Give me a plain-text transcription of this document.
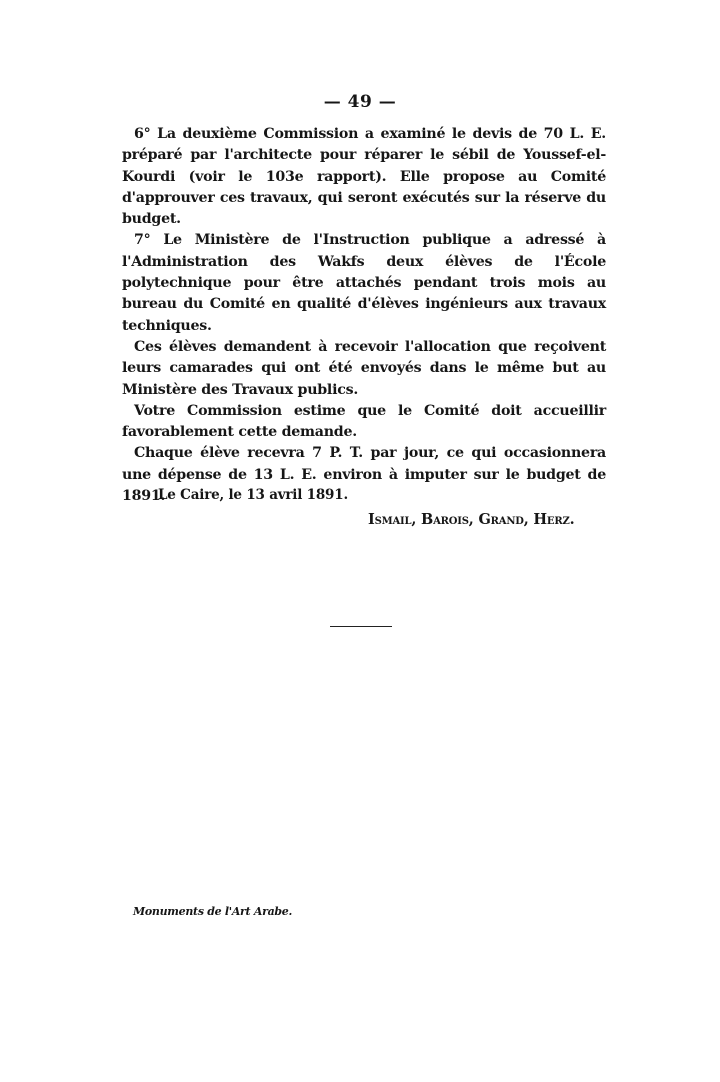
— 49 —

6° La deuxième Commission a examiné le devis de 70 L. E. préparé par l'architecte pour réparer le sébil de Youssef-el-Kourdi (voir le 103e rapport). Elle propose au Comité d'approuver ces travaux, qui seront exécutés sur la réserve du budget.

7° Le Ministère de l'Instruction publique a adressé à l'Administration des Wakfs deux élèves de l'École polytechnique pour être attachés pendant trois mois au bureau du Comité en qualité d'élèves ingénieurs aux travaux techniques.

Ces élèves demandent à recevoir l'allocation que reçoivent leurs camarades qui ont été envoyés dans le même but au Ministère des Travaux publics.

Votre Commission estime que le Comité doit accueillir favorablement cette demande.

Chaque élève recevra 7 P. T. par jour, ce qui occasionnera une dépense de 13 L. E. environ à imputer sur le budget de 1891.

Le Caire, le 13 avril 1891.
Ismail, Barois, Grand, Herz.
Monuments de l'Art Arabe.
